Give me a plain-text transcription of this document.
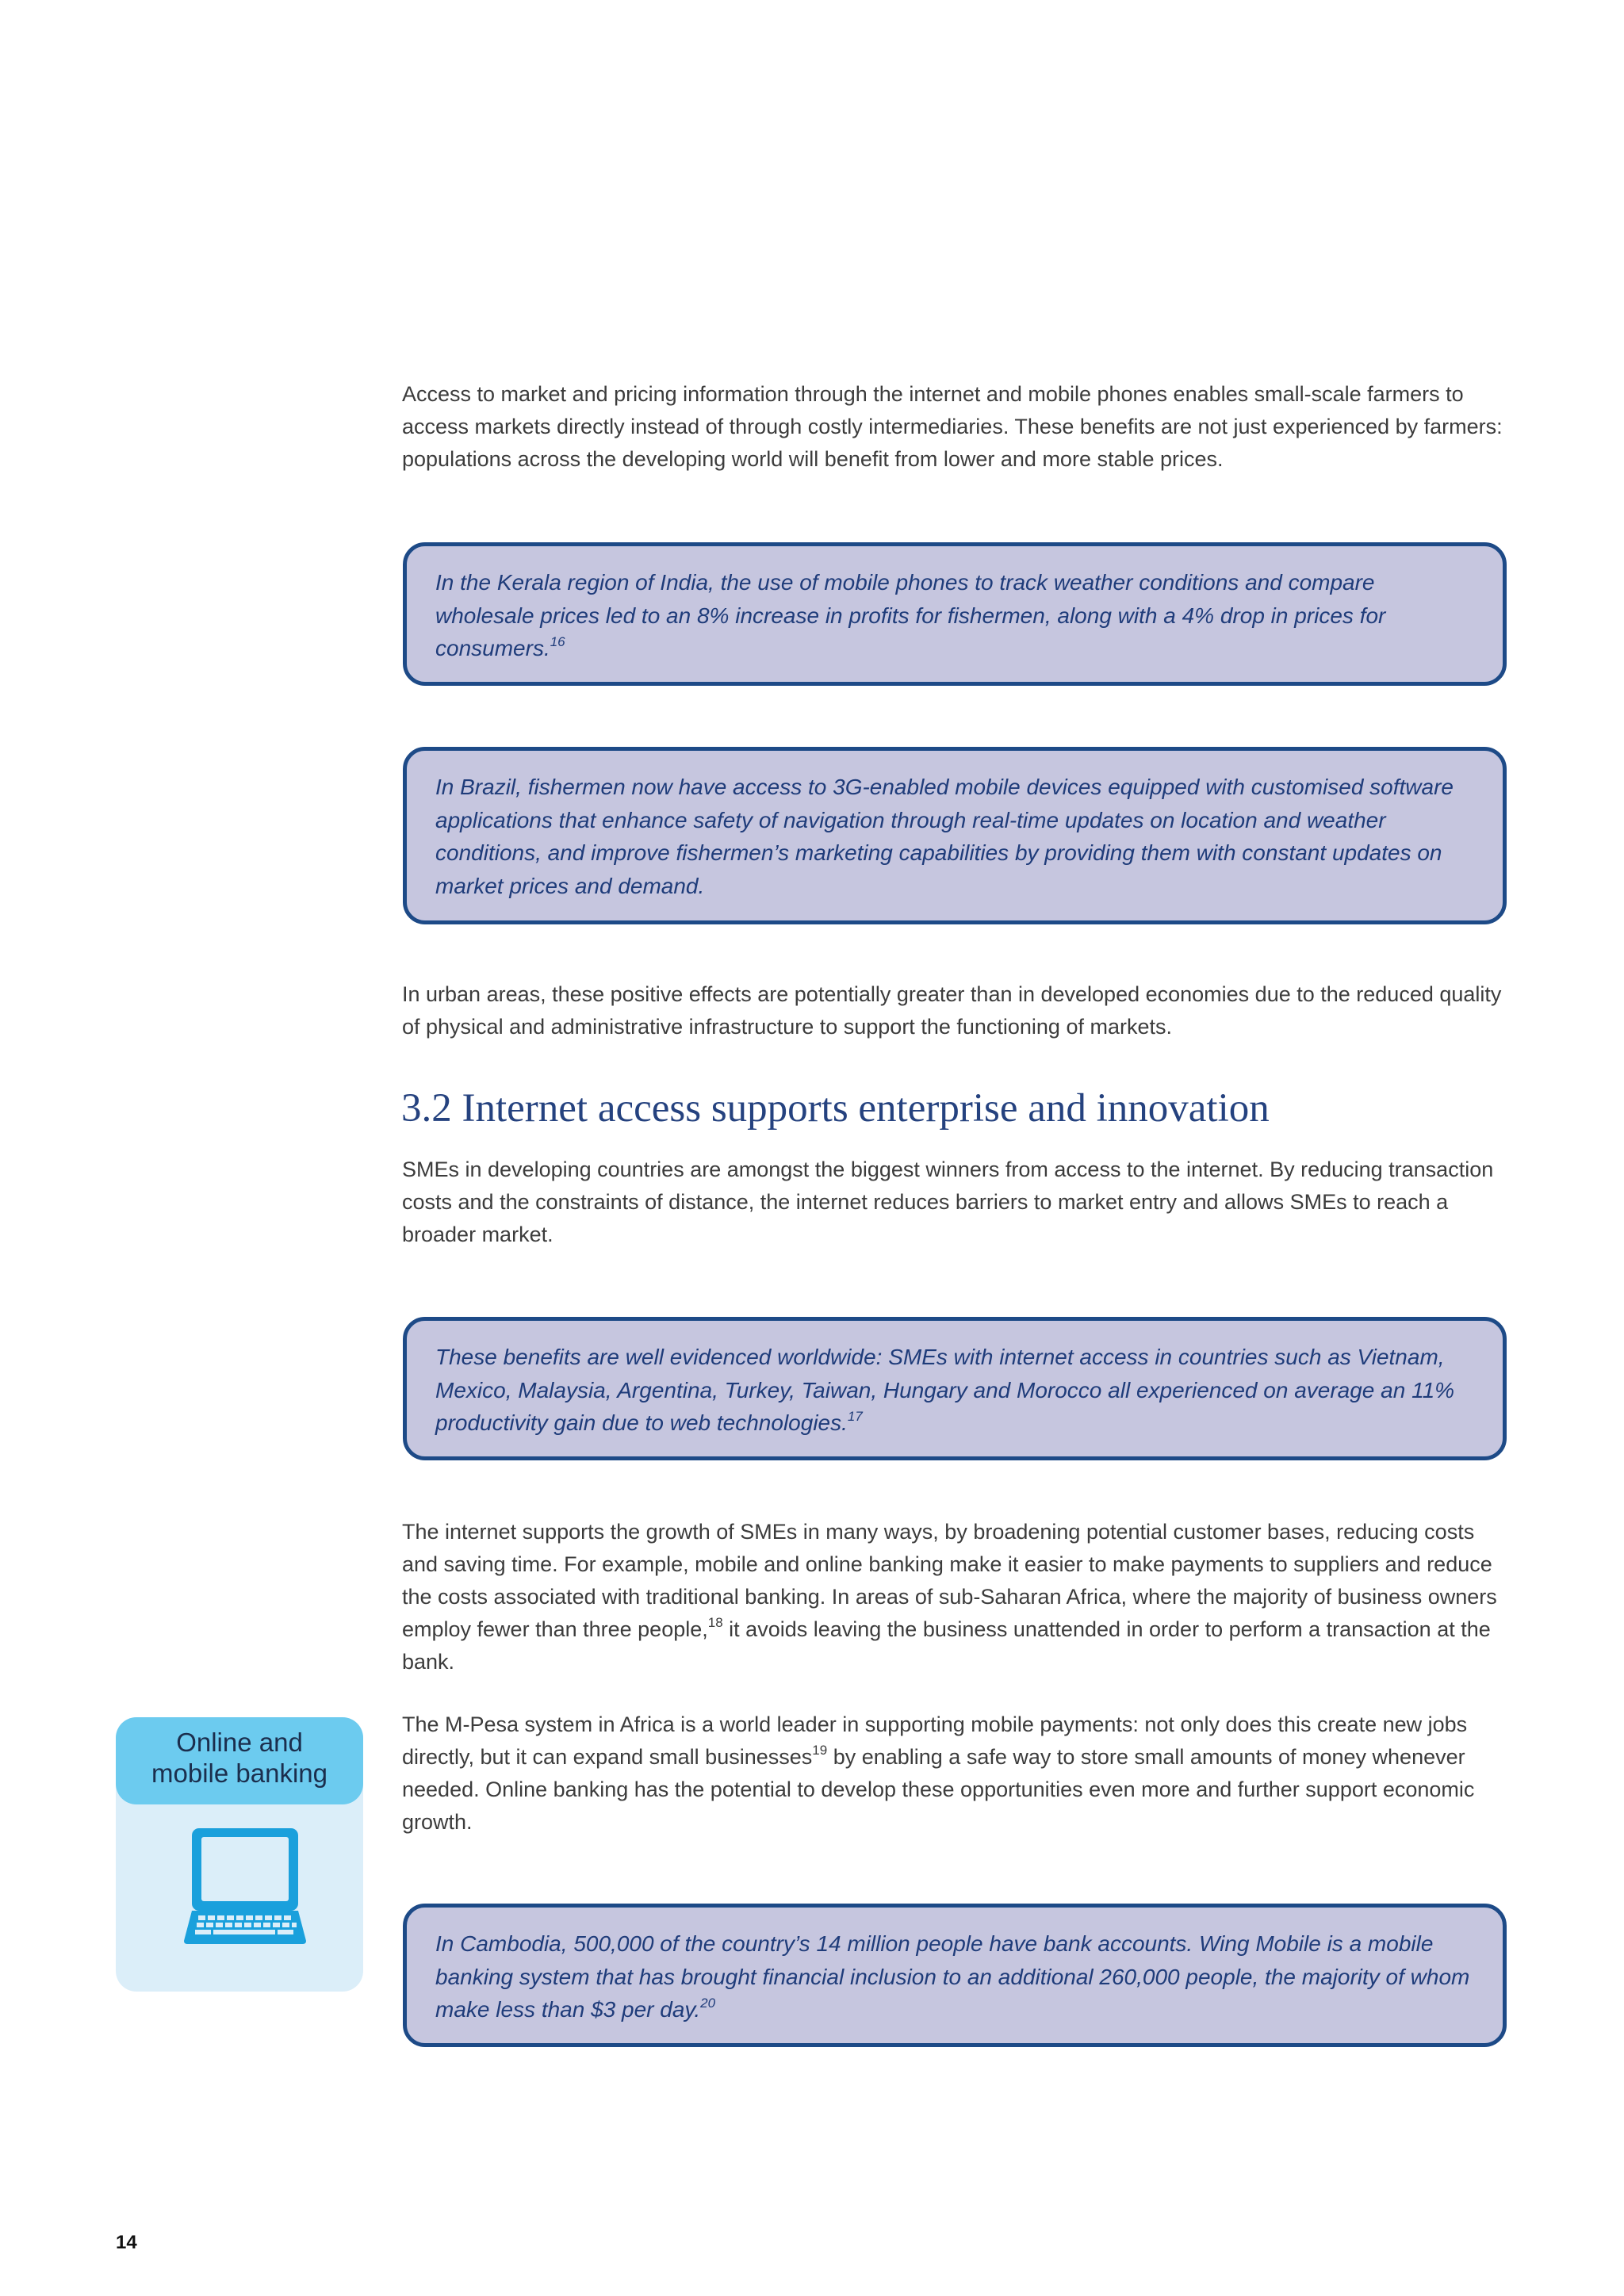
Access to market and pricing information through the internet and mobile phones enables small-scale farmers to access markets directly instead of through costly intermediaries. These benefits are not just experienced by farmers: populations across the developing world will benefit from lower and more stable prices.

In the Kerala region of India, the use of mobile phones to track weather conditions and compare wholesale prices led to an 8% increase in profits for fishermen, along with a 4% drop in prices for consumers.$^{16}$

In Brazil, fishermen now have access to 3G-enabled mobile devices equipped with customised software applications that enhance safety of navigation through real-time updates on location and weather conditions, and improve fishermen’s marketing capabilities by providing them with constant updates on market prices and demand.

In urban areas, these positive effects are potentially greater than in developed economies due to the reduced quality of physical and administrative infrastructure to support the functioning of markets.

3.2 Internet access supports enterprise and innovation

SMEs in developing countries are amongst the biggest winners from access to the internet. By reducing transaction costs and the constraints of distance, the internet reduces barriers to market entry and allows SMEs to reach a broader market.

These benefits are well evidenced worldwide: SMEs with internet access in countries such as Vietnam, Mexico, Malaysia, Argentina, Turkey, Taiwan, Hungary and Morocco all experienced on average an 11% productivity gain due to web technologies.$^{17}$

The internet supports the growth of SMEs in many ways, by broadening potential customer bases, reducing costs and saving time. For example, mobile and online banking make it easier to make payments to suppliers and reduce the costs associated with traditional banking. In areas of sub-Saharan Africa, where the majority of business owners employ fewer than three people,$^{18}$ it avoids leaving the business unattended in order to perform a transaction at the bank.

The M-Pesa system in Africa is a world leader in supporting mobile payments: not only does this create new jobs directly, but it can expand small businesses$^{19}$ by enabling a safe way to store small amounts of money whenever needed. Online banking has the potential to develop these opportunities even more and further support economic growth.

In Cambodia, 500,000 of the country’s 14 million people have bank accounts. Wing Mobile is a mobile banking system that has brought financial inclusion to an additional 260,000 people, the majority of whom make less than $3 per day.$^{20}$

Online and
mobile banking
14
